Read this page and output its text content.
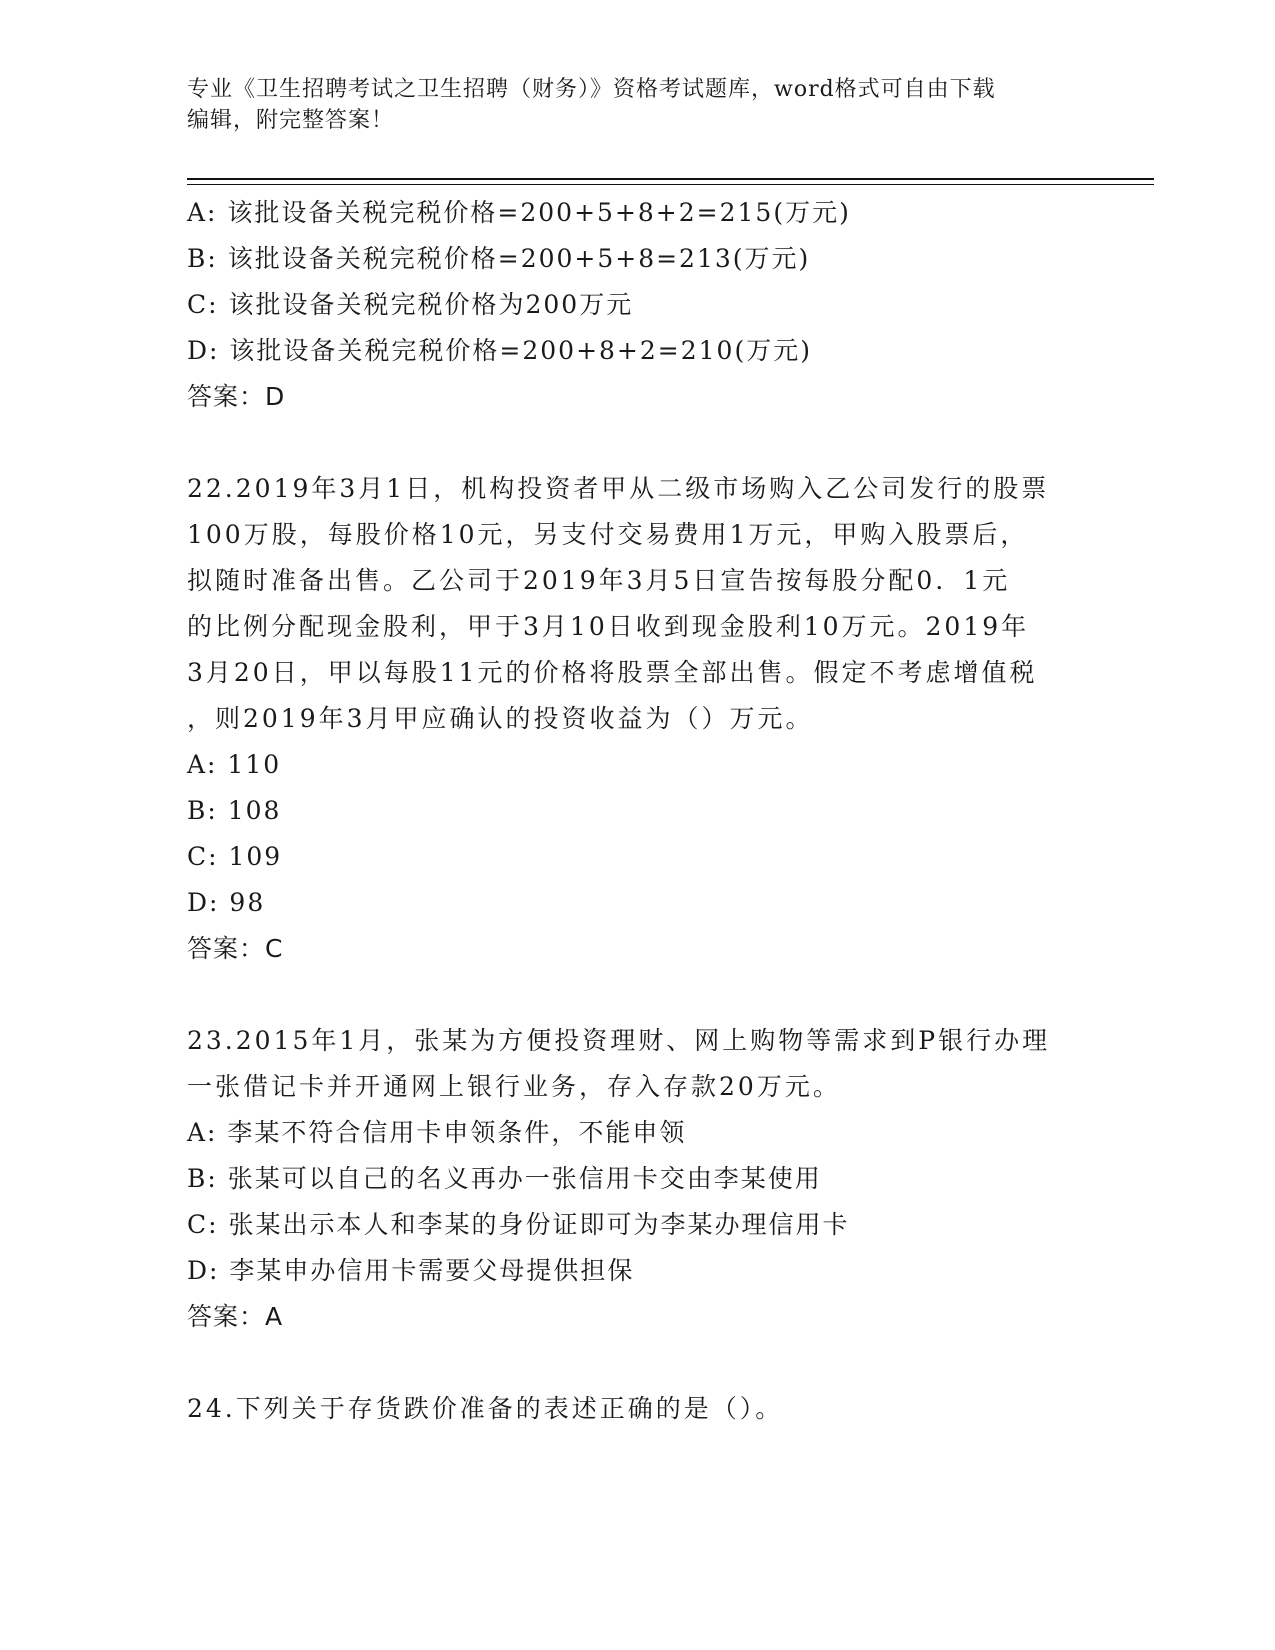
专业《卫生招聘考试之卫生招聘（财务）》资格考试题库，word格式可自由下载
编辑，附完整答案！
A: 该批设备关税完税价格=200+5+8+2=215(万元)
B: 该批设备关税完税价格=200+5+8=213(万元)
C: 该批设备关税完税价格为200万元
D: 该批设备关税完税价格=200+8+2=210(万元)
答案：D
22.2019年3月1日，机构投资者甲从二级市场购入乙公司发行的股票
100万股，每股价格10元，另支付交易费用1万元，甲购入股票后，
拟随时准备出售。乙公司于2019年3月5日宣告按每股分配0．1元
的比例分配现金股利，甲于3月10日收到现金股利10万元。2019年
3月20日，甲以每股11元的价格将股票全部出售。假定不考虑增值税
，则2019年3月甲应确认的投资收益为（）万元。
A: 110
B: 108
C: 109
D: 98
答案：C
23.2015年1月，张某为方便投资理财、网上购物等需求到P银行办理
一张借记卡并开通网上银行业务，存入存款20万元。
A: 李某不符合信用卡申领条件，不能申领
B: 张某可以自己的名义再办一张信用卡交由李某使用
C: 张某出示本人和李某的身份证即可为李某办理信用卡
D: 李某申办信用卡需要父母提供担保
答案：A
24.下列关于存货跌价准备的表述正确的是（）。
